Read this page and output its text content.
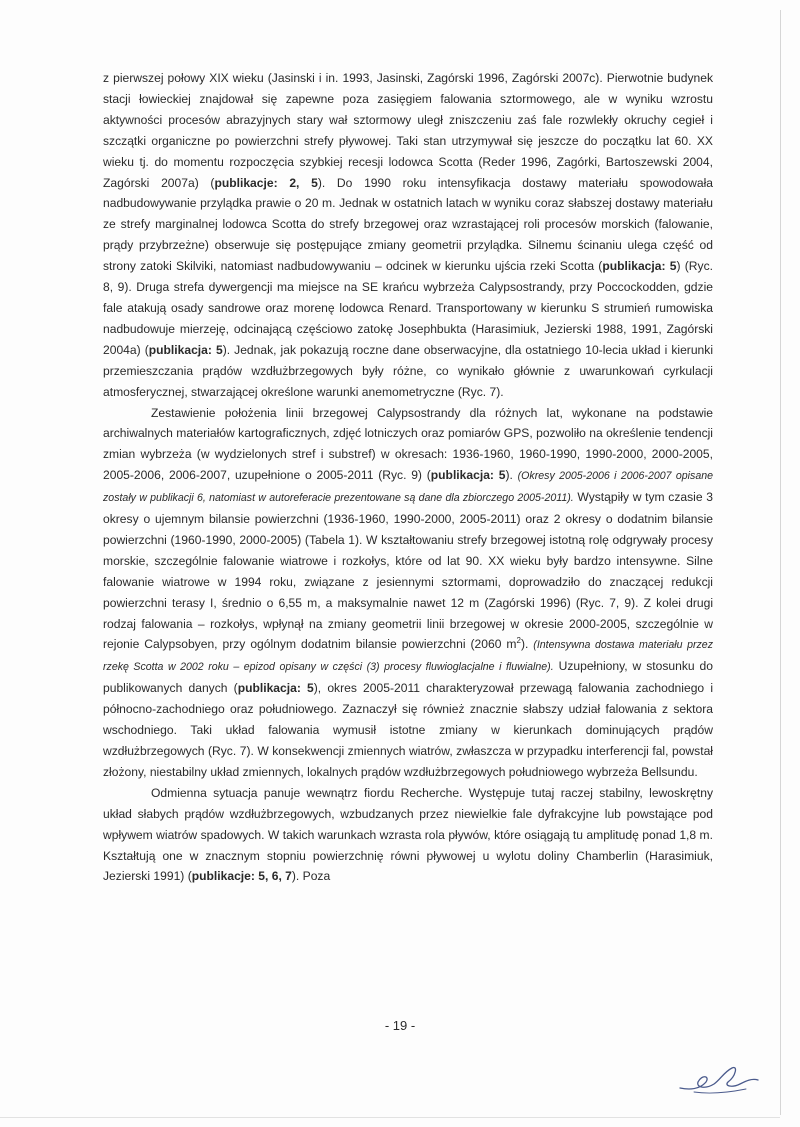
z pierwszej połowy XIX wieku (Jasinski i in. 1993, Jasinski, Zagórski 1996, Zagórski 2007c). Pierwotnie budynek stacji łowieckiej znajdował się zapewne poza zasięgiem falowania sztormowego, ale w wyniku wzrostu aktywności procesów abrazyjnych stary wał sztormowy uległ zniszczeniu zaś fale rozwlekły okruchy cegieł i szczątki organiczne po powierzchni strefy pływowej. Taki stan utrzymywał się jeszcze do początku lat 60. XX wieku tj. do momentu rozpoczęcia szybkiej recesji lodowca Scotta (Reder 1996, Zagórki, Bartoszewski 2004, Zagórski 2007a) (publikacje: 2, 5). Do 1990 roku intensyfikacja dostawy materiału spowodowała nadbudowywanie przylądka prawie o 20 m. Jednak w ostatnich latach w wyniku coraz słabszej dostawy materiału ze strefy marginalnej lodowca Scotta do strefy brzegowej oraz wzrastającej roli procesów morskich (falowanie, prądy przybrzeżne) obserwuje się postępujące zmiany geometrii przylądka. Silnemu ścinaniu ulega część od strony zatoki Skilviki, natomiast nadbudowywaniu – odcinek w kierunku ujścia rzeki Scotta (publikacja: 5) (Ryc. 8, 9). Druga strefa dywergencji ma miejsce na SE krańcu wybrzeża Calypsostrandy, przy Poccockodden, gdzie fale atakują osady sandrowe oraz morenę lodowca Renard. Transportowany w kierunku S strumień rumowiska nadbudowuje mierzeję, odcinającą częściowo zatokę Josephbukta (Harasimiuk, Jezierski 1988, 1991, Zagórski 2004a) (publikacja: 5). Jednak, jak pokazują roczne dane obserwacyjne, dla ostatniego 10-lecia układ i kierunki przemieszczania prądów wzdłużbrzegowych były różne, co wynikało głównie z uwarunkowań cyrkulacji atmosferycznej, stwarzającej określone warunki anemometryczne (Ryc. 7).

Zestawienie położenia linii brzegowej Calypsostrandy dla różnych lat, wykonane na podstawie archiwalnych materiałów kartograficznych, zdjęć lotniczych oraz pomiarów GPS, pozwoliło na określenie tendencji zmian wybrzeża (w wydzielonych stref i substref) w okresach: 1936-1960, 1960-1990, 1990-2000, 2000-2005, 2005-2006, 2006-2007, uzupełnione o 2005-2011 (Ryc. 9) (publikacja: 5). (Okresy 2005-2006 i 2006-2007 opisane zostały w publikacji 6, natomiast w autoreferacie prezentowane są dane dla zbiorczego 2005-2011). Wystąpiły w tym czasie 3 okresy o ujemnym bilansie powierzchni (1936-1960, 1990-2000, 2005-2011) oraz 2 okresy o dodatnim bilansie powierzchni (1960-1990, 2000-2005) (Tabela 1). W kształtowaniu strefy brzegowej istotną rolę odgrywały procesy morskie, szczególnie falowanie wiatrowe i rozkołys, które od lat 90. XX wieku były bardzo intensywne. Silne falowanie wiatrowe w 1994 roku, związane z jesiennymi sztormami, doprowadziło do znaczącej redukcji powierzchni terasy I, średnio o 6,55 m, a maksymalnie nawet 12 m (Zagórski 1996) (Ryc. 7, 9). Z kolei drugi rodzaj falowania – rozkołys, wpłynął na zmiany geometrii linii brzegowej w okresie 2000-2005, szczególnie w rejonie Calypsobyen, przy ogólnym dodatnim bilansie powierzchni (2060 $m^2$). (Intensywna dostawa materiału przez rzekę Scotta w 2002 roku – epizod opisany w części (3) procesy fluwioglacjalne i fluwialne). Uzupełniony, w stosunku do publikowanych danych (publikacja: 5), okres 2005-2011 charakteryzował przewagą falowania zachodniego i północno-zachodniego oraz południowego. Zaznaczył się również znacznie słabszy udział falowania z sektora wschodniego. Taki układ falowania wymusił istotne zmiany w kierunkach dominujących prądów wzdłużbrzegowych (Ryc. 7). W konsekwencji zmiennych wiatrów, zwłaszcza w przypadku interferencji fal, powstał złożony, niestabilny układ zmiennych, lokalnych prądów wzdłużbrzegowych południowego wybrzeża Bellsundu.

Odmienna sytuacja panuje wewnątrz fiordu Recherche. Występuje tutaj raczej stabilny, lewoskrętny układ słabych prądów wzdłużbrzegowych, wzbudzanych przez niewielkie fale dyfrakcyjne lub powstające pod wpływem wiatrów spadowych. W takich warunkach wzrasta rola pływów, które osiągają tu amplitudę ponad 1,8 m. Kształtują one w znacznym stopniu powierzchnię równi pływowej u wylotu doliny Chamberlin (Harasimiuk, Jezierski 1991) (publikacje: 5, 6, 7). Poza

- 19 -
